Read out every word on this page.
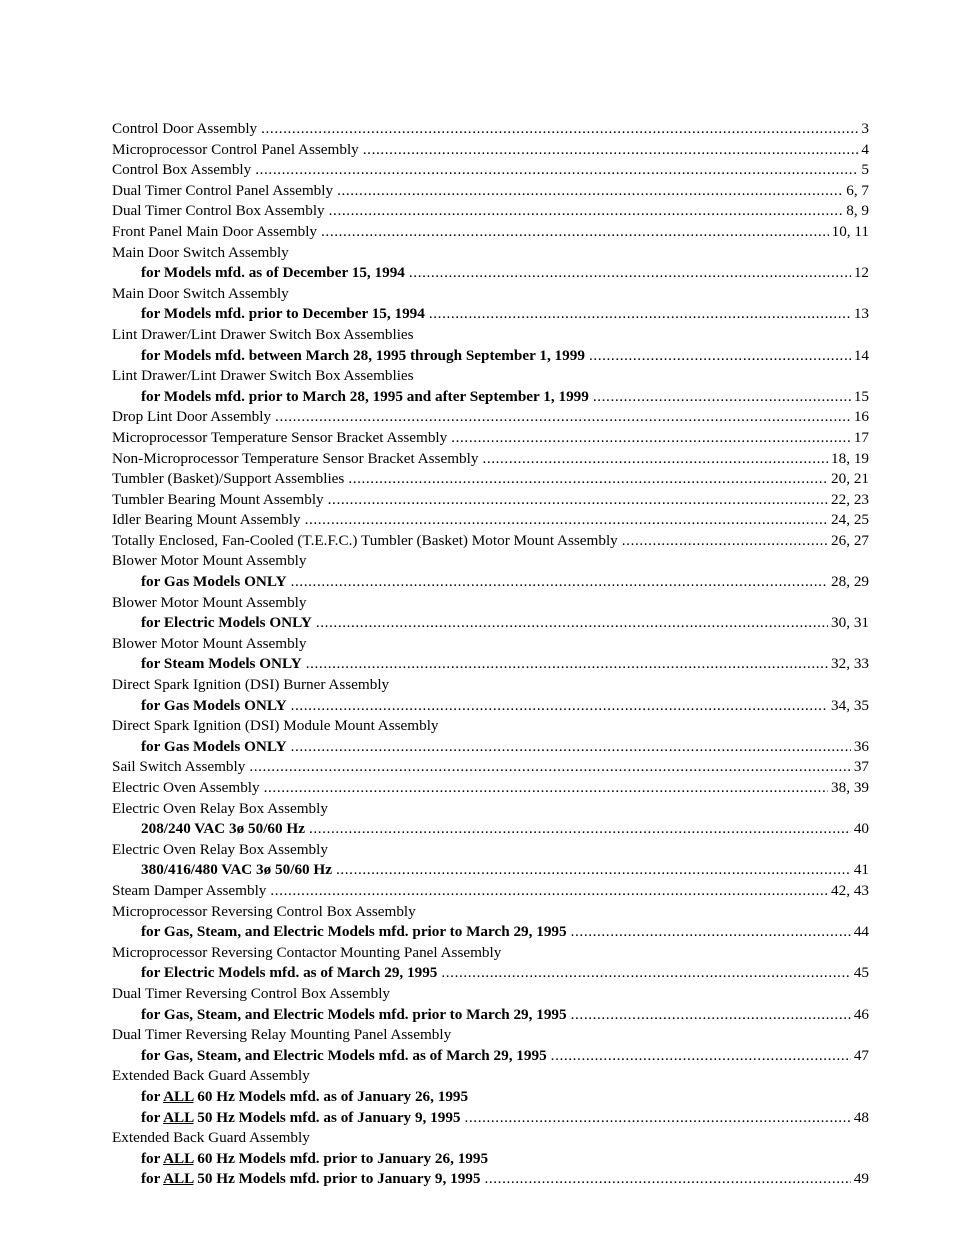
Control Door Assembly .....	3
Microprocessor Control Panel Assembly .....	4
Control Box Assembly .....	5
Dual Timer Control Panel Assembly .....	6, 7
Dual Timer Control Box Assembly .....	8, 9
Front Panel Main Door Assembly .....	10, 11
Main Door Switch Assembly
for Models mfd. as of December 15, 1994 .....	12
Main Door Switch Assembly
for Models mfd. prior to December 15, 1994 .....	13
Lint Drawer/Lint Drawer Switch Box Assemblies
for Models mfd. between March 28, 1995 through September 1, 1999 .....	14
Lint Drawer/Lint Drawer Switch Box Assemblies
for Models mfd. prior to March 28, 1995 and after September 1, 1999 .....	15
Drop Lint Door Assembly .....	16
Microprocessor Temperature Sensor Bracket Assembly .....	17
Non-Microprocessor Temperature Sensor Bracket Assembly .....	18, 19
Tumbler (Basket)/Support Assemblies .....	20, 21
Tumbler Bearing Mount Assembly .....	22, 23
Idler Bearing Mount Assembly .....	24, 25
Totally Enclosed, Fan-Cooled (T.E.F.C.) Tumbler (Basket) Motor Mount Assembly .....	26, 27
Blower Motor Mount Assembly
for Gas Models ONLY .....	28, 29
Blower Motor Mount Assembly
for Electric Models ONLY .....	30, 31
Blower Motor Mount Assembly
for Steam Models ONLY .....	32, 33
Direct Spark Ignition (DSI) Burner Assembly
for Gas Models ONLY .....	34, 35
Direct Spark Ignition (DSI) Module Mount Assembly
for Gas Models ONLY .....	36
Sail Switch Assembly .....	37
Electric Oven Assembly .....	38, 39
Electric Oven Relay Box Assembly
208/240 VAC 3ø 50/60 Hz .....	40
Electric Oven Relay Box Assembly
380/416/480 VAC 3ø 50/60 Hz .....	41
Steam Damper Assembly .....	42, 43
Microprocessor Reversing Control Box Assembly
for Gas, Steam, and Electric Models mfd. prior to March 29, 1995 .....	44
Microprocessor Reversing Contactor Mounting Panel Assembly
for Electric Models mfd. as of March 29, 1995 .....	45
Dual Timer Reversing Control Box Assembly
for Gas, Steam, and Electric Models mfd. prior to March 29, 1995 .....	46
Dual Timer Reversing Relay Mounting Panel Assembly
for Gas, Steam, and Electric Models mfd. as of March 29, 1995 .....	47
Extended Back Guard Assembly
for ALL 60 Hz Models mfd. as of January 26, 1995
for ALL 50 Hz Models mfd. as of January 9, 1995 .....	48
Extended Back Guard Assembly
for ALL 60 Hz Models mfd. prior to January 26, 1995
for ALL 50 Hz Models mfd. prior to January 9, 1995 .....	49
